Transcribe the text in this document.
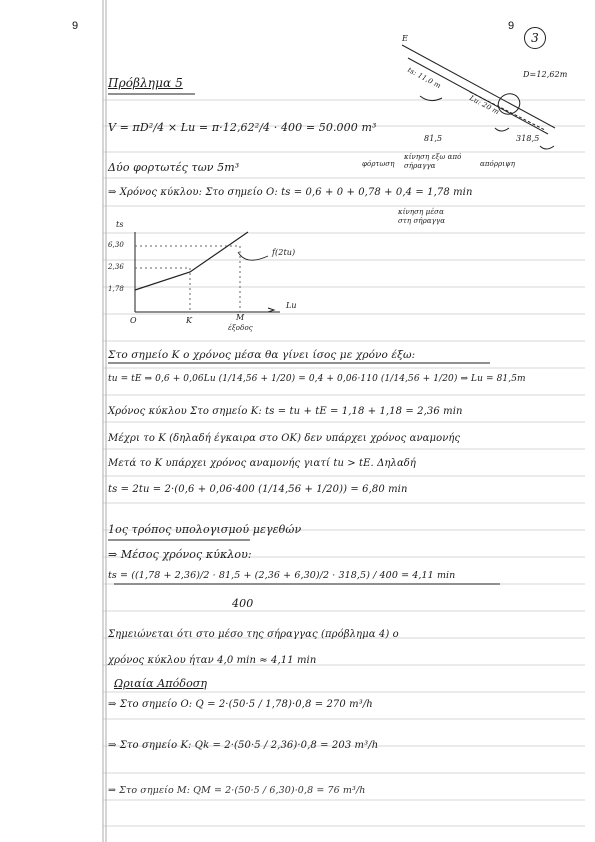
9	9
3
Πρόβλημα 5
E
D=12,62m
ts: 11,0 m
Lu: 20 m
81,5	318,5
φόρτωση
κίνηση εξω από σήραγγα	απόρριψη
κίνηση μέσα στη σήραγγα
V = πD²/4 × Lu = π·12,62²/4 · 400 = 50.000 m³
Δύο φορτωτές των 5m³
⇒ Χρόνος κύκλου: Στο σημείο Ο: ts = 0,6 + 0 + 0,78 + 0,4 = 1,78 min
ts
6,30
2,36
1,78
Lu
O	K	M
έξοδος
f(2tu)
Στο σημείο Κ ο χρόνος μέσα θα γίνει ίσος με χρόνο έξω:
tu = tE ⇒ 0,6 + 0,06Lu (1/14,56 + 1/20) = 0,4 + 0,06·110 (1/14,56 + 1/20) ⇒ Lu = 81,5m
Χρόνος κύκλου Στο σημείο Κ: ts = tu + tE = 1,18 + 1,18 = 2,36 min
Μέχρι το Κ (δηλαδή έγκαιρα στο ΟΚ) δεν υπάρχει χρόνος αναμονής
Μετά το Κ υπάρχει χρόνος αναμονής γιατί tu > tE. Δηλαδή
ts = 2tu = 2·(0,6 + 0,06·400 (1/14,56 + 1/20)) = 6,80 min
1ος τρόπος υπολογισμού μεγεθών
⇒ Μέσος χρόνος κύκλου:
ts = ((1,78 + 2,36)/2 · 81,5 + (2,36 + 6,30)/2 · 318,5) / 400 = 4,11 min
400
Σημειώνεται ότι στο μέσο της σήραγγας (πρόβλημα 4) ο
χρόνος κύκλου ήταν 4,0 min ≈ 4,11 min
Ωριαία Απόδοση
⇒ Στο σημείο Ο: Q = 2·(50·5 / 1,78)·0,8 = 270 m³/h
⇒ Στο σημείο Κ: Qk = 2·(50·5 / 2,36)·0,8 = 203 m³/h
⇒ Στο σημείο Μ: QM = 2·(50·5 / 6,30)·0,8 = 76 m³/h
